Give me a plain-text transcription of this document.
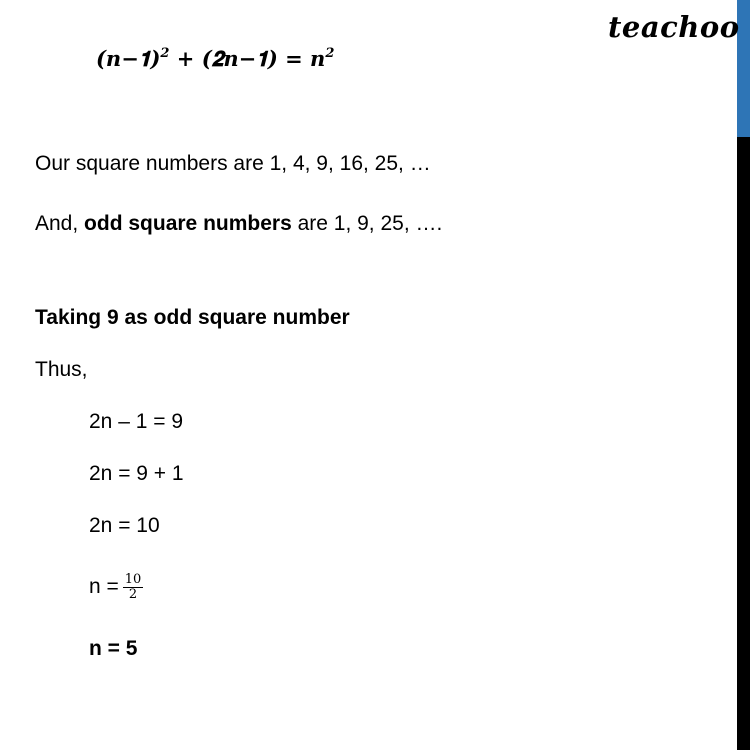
teachoo
(𝒏−𝟏)$^2$ + (𝟐𝒏−𝟏) = 𝒏$^2$
Our square numbers are 1, 4, 9, 16, 25, …
And, odd square numbers are 1, 9, 25, ….
Taking 9 as odd square number
Thus,
2n – 1 = 9
2n = 9 + 1
2n = 10
$n = \frac{10}{2}$
n = 5
